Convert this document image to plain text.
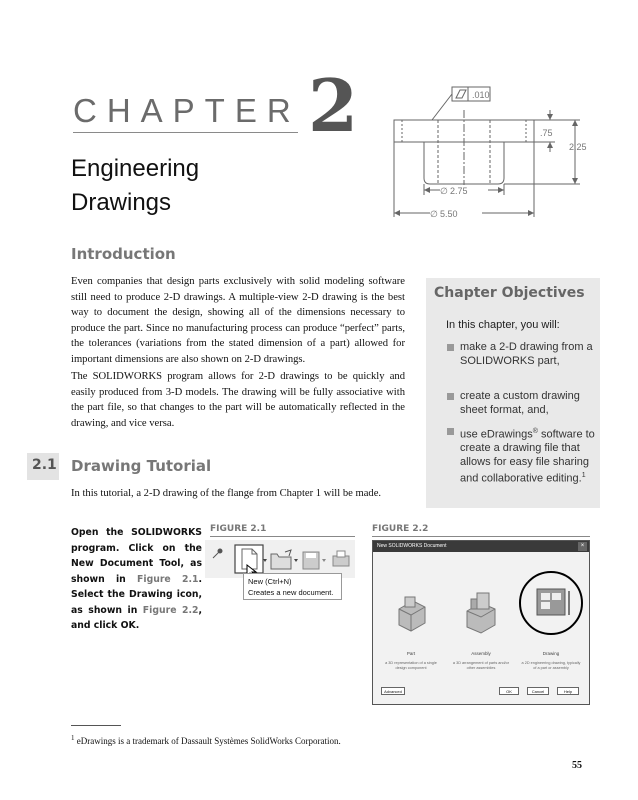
CHAPTER 2
Engineering
Drawings
.010
.75
2.25
∅ 2.75
∅ 5.50
Introduction
Even companies that design parts exclusively with solid modeling software still need to produce 2-D drawings. A multiple-view 2-D drawing is the best way to document the design, showing all of the dimensions necessary to produce the part. Since no manufacturing process can produce “perfect” parts, the tolerances (variations from the stated dimension of a part) allowed for important dimensions are also shown on 2-D drawings.
The SOLIDWORKS program allows for 2-D drawings to be quickly and easily produced from 3-D models. The drawing will be fully associative with the part file, so that changes to the part will be automatically reflected in the drawing, and vice versa.
Chapter Objectives
In this chapter, you will:
make a 2-D drawing from a SOLIDWORKS part,
create a custom drawing sheet format, and,
use eDrawings® software to create a drawing file that allows for easy file sharing and collaborative editing.$^1$
2.1 Drawing Tutorial
In this tutorial, a 2-D drawing of the flange from Chapter 1 will be made.
Open the SOLIDWORKS program. Click on the New Document Tool, as shown in Figure 2.1. Select the Drawing icon, as shown in Figure 2.2, and click OK.
FIGURE 2.1
New (Ctrl+N)
Creates a new document.
FIGURE 2.2
New SOLIDWORKS Document	×
Part
a 3D representation of a single design component
Assembly
a 3D arrangement of parts and/or other assemblies
Drawing
a 2D engineering drawing, typically of a part or assembly
Advanced	OK	Cancel	Help
$^1$ eDrawings is a trademark of Dassault Systèmes SolidWorks Corporation.
55
